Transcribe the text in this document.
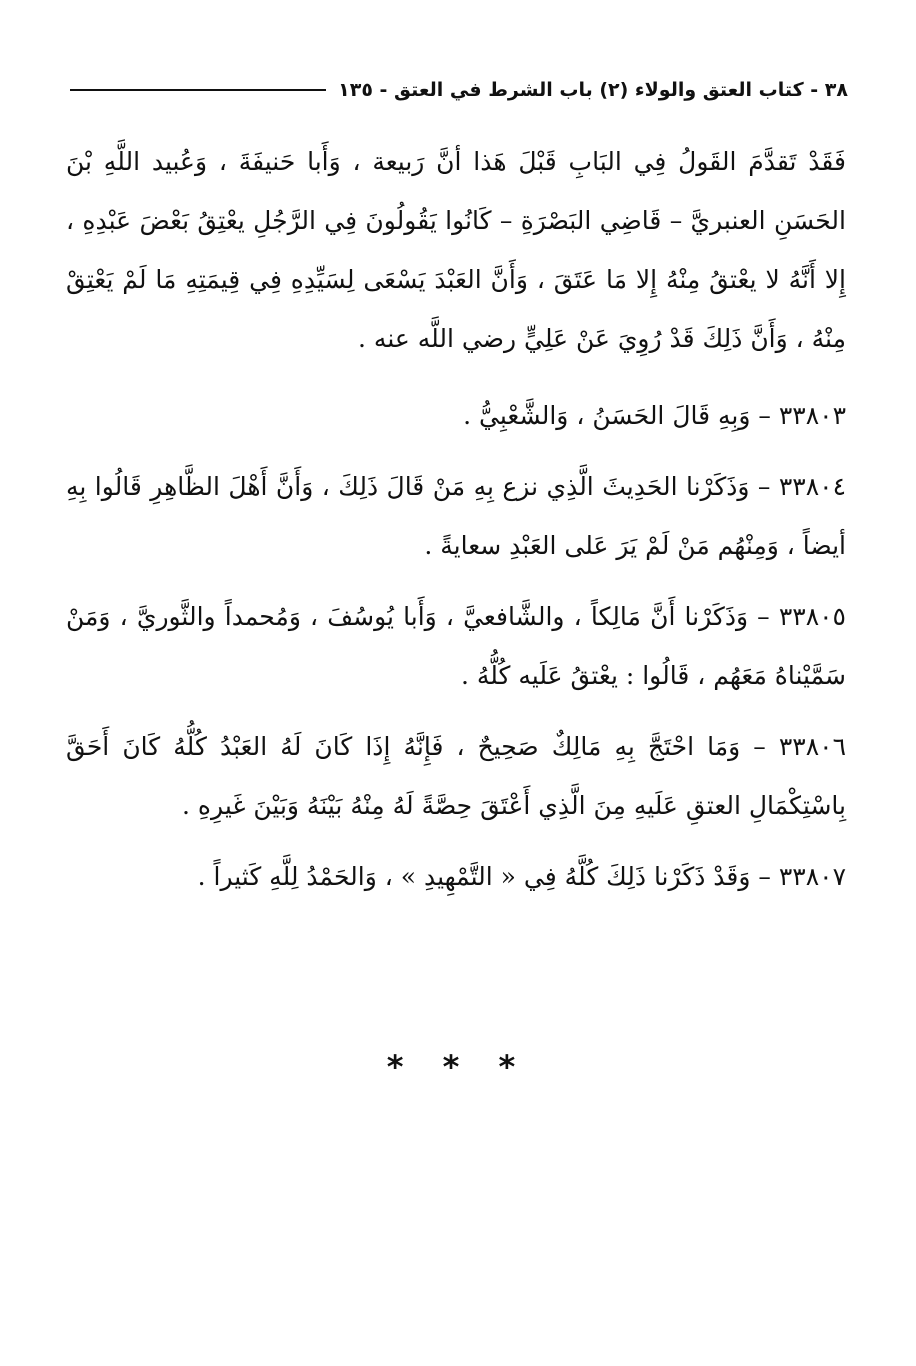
٣٨ - كتاب العتق والولاء (٢) باب الشرط في العتق - ١٣٥

فَقَدْ تَقدَّمَ القَولُ فِي البَابِ قَبْلَ هَذا أنَّ رَبيعة ، وَأَبا حَنيفَةَ ، وَعُبيد اللَّهِ بْنَ الحَسَنِ العنبريَّ – قَاضِي البَصْرَةِ – كَانُوا يَقُولُونَ فِي الرَّجُلِ يعْتِقُ بَعْضَ عَبْدِهِ ، إِلا أَنَّهُ لا يعْتقُ مِنْهُ إِلا مَا عَتَقَ ، وَأَنَّ العَبْدَ يَسْعَى لِسَيِّدِهِ فِي قِيمَتِهِ مَا لَمْ يَعْتِقْ مِنْهُ ، وَأَنَّ ذَلِكَ قَدْ رُوِيَ عَنْ عَلِيٍّ رضي اللَّه عنه .

٣٣٨٠٣ – وَبِهِ قَالَ الحَسَنُ ، وَالشَّعْبِيُّ .

٣٣٨٠٤ – وَذَكَرْنا الحَدِيثَ الَّذِي نزع بِهِ مَنْ قَالَ ذَلِكَ ، وَأَنَّ أَهْلَ الظَّاهِرِ قَالُوا بِهِ أيضاً ، وَمِنْهُم مَنْ لَمْ يَرَ عَلى العَبْدِ سعايةً .

٣٣٨٠٥ – وَذَكَرْنا أَنَّ مَالِكاً ، والشَّافعيَّ ، وَأَبا يُوسُفَ ، وَمُحمداً والثَّوريَّ ، وَمَنْ سَمَّيْناهُ مَعَهُم ، قَالُوا : يعْتقُ عَلَيه كُلُّهُ .

٣٣٨٠٦ – وَمَا احْتَجَّ بِهِ مَالِكٌ صَحِيحٌ ، فَإِنَّهُ إِذَا كَانَ لَهُ العَبْدُ كُلُّهُ كَانَ أَحَقَّ بِاسْتِكْمَالِ العتقِ عَلَيهِ مِنَ الَّذِي أَعْتَقَ حِصَّةً لَهُ مِنْهُ بَيْنَهُ وَبَيْنَ غَيرِهِ .

٣٣٨٠٧ – وَقَدْ ذَكَرْنا ذَلِكَ كُلَّهُ فِي « التَّمْهِيدِ » ، وَالحَمْدُ لِلَّهِ كَثيراً .

* * *
